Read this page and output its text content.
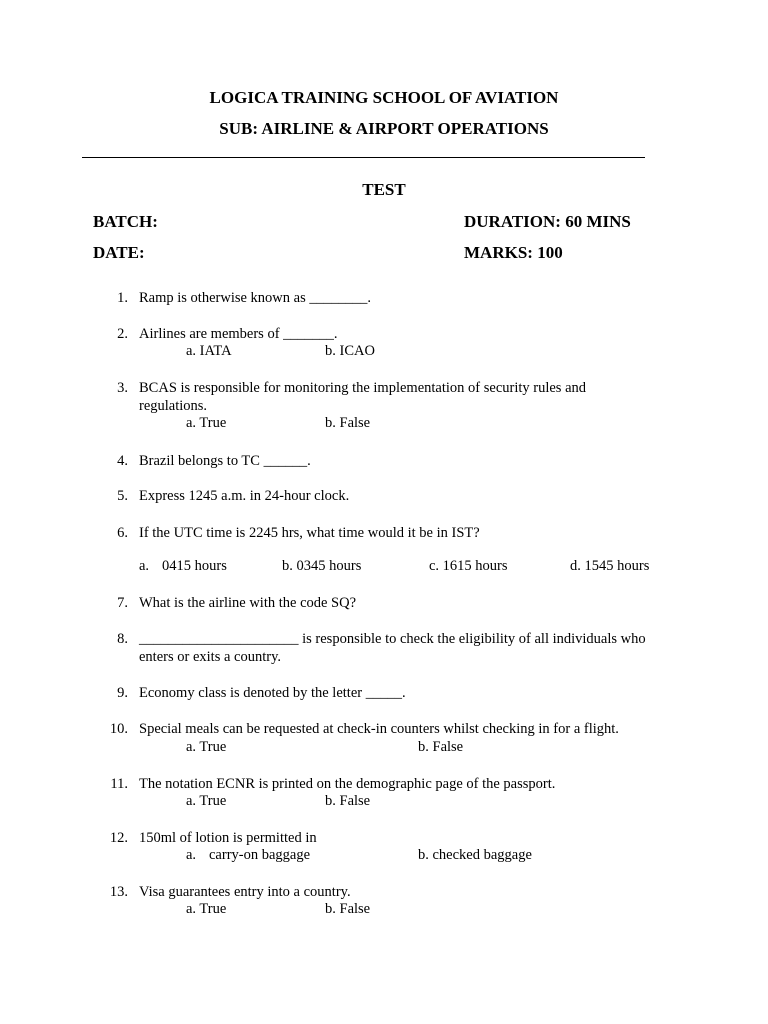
LOGICA TRAINING SCHOOL OF AVIATION
SUB: AIRLINE & AIRPORT OPERATIONS
TEST
BATCH:	DURATION: 60 MINS
DATE:	MARKS: 100
1. Ramp is otherwise known as ________.
2. Airlines are members of _______.
a. IATA	b. ICAO
3. BCAS is responsible for monitoring the implementation of security rules and regulations.
a. True	b. False
4. Brazil belongs to TC ______.
5. Express 1245 a.m. in 24-hour clock.
6. If the UTC time is 2245 hrs, what time would it be in IST?
a. 0415 hours	b. 0345 hours	c. 1615 hours	d. 1545 hours
7. What is the airline with the code SQ?
8. ______________________ is responsible to check the eligibility of all individuals who enters or exits a country.
9. Economy class is denoted by the letter _____.
10. Special meals can be requested at check-in counters whilst checking in for a flight.
a. True	b. False
11. The notation ECNR is printed on the demographic page of the passport.
a. True	b. False
12. 150ml of lotion is permitted in
a. carry-on baggage	b. checked baggage
13. Visa guarantees entry into a country.
a. True	b. False
